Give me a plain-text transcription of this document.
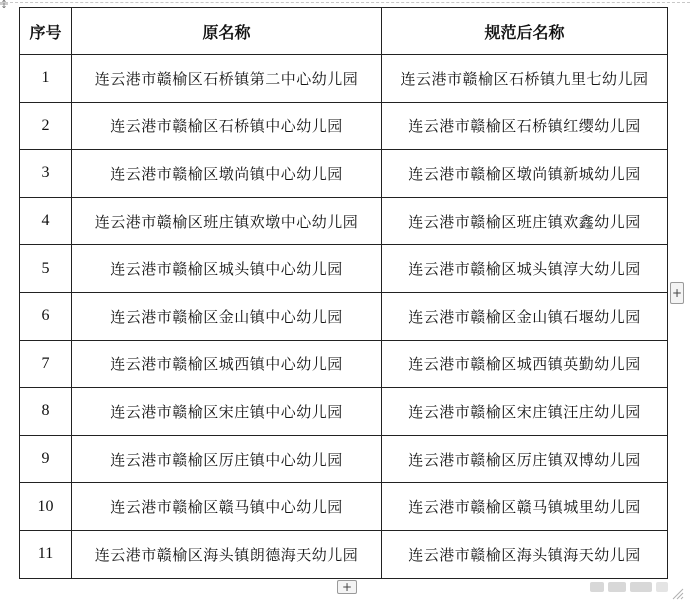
序号	原名称	规范后名称
1	连云港市赣榆区石桥镇第二中心幼儿园	连云港市赣榆区石桥镇九里七幼儿园
2	连云港市赣榆区石桥镇中心幼儿园	连云港市赣榆区石桥镇红缨幼儿园
3	连云港市赣榆区墩尚镇中心幼儿园	连云港市赣榆区墩尚镇新城幼儿园
4	连云港市赣榆区班庄镇欢墩中心幼儿园	连云港市赣榆区班庄镇欢鑫幼儿园
5	连云港市赣榆区城头镇中心幼儿园	连云港市赣榆区城头镇淳大幼儿园
6	连云港市赣榆区金山镇中心幼儿园	连云港市赣榆区金山镇石堰幼儿园
7	连云港市赣榆区城西镇中心幼儿园	连云港市赣榆区城西镇英勤幼儿园
8	连云港市赣榆区宋庄镇中心幼儿园	连云港市赣榆区宋庄镇汪庄幼儿园
9	连云港市赣榆区厉庄镇中心幼儿园	连云港市赣榆区厉庄镇双博幼儿园
10	连云港市赣榆区赣马镇中心幼儿园	连云港市赣榆区赣马镇城里幼儿园
11	连云港市赣榆区海头镇朗德海天幼儿园	连云港市赣榆区海头镇海天幼儿园
+
+
